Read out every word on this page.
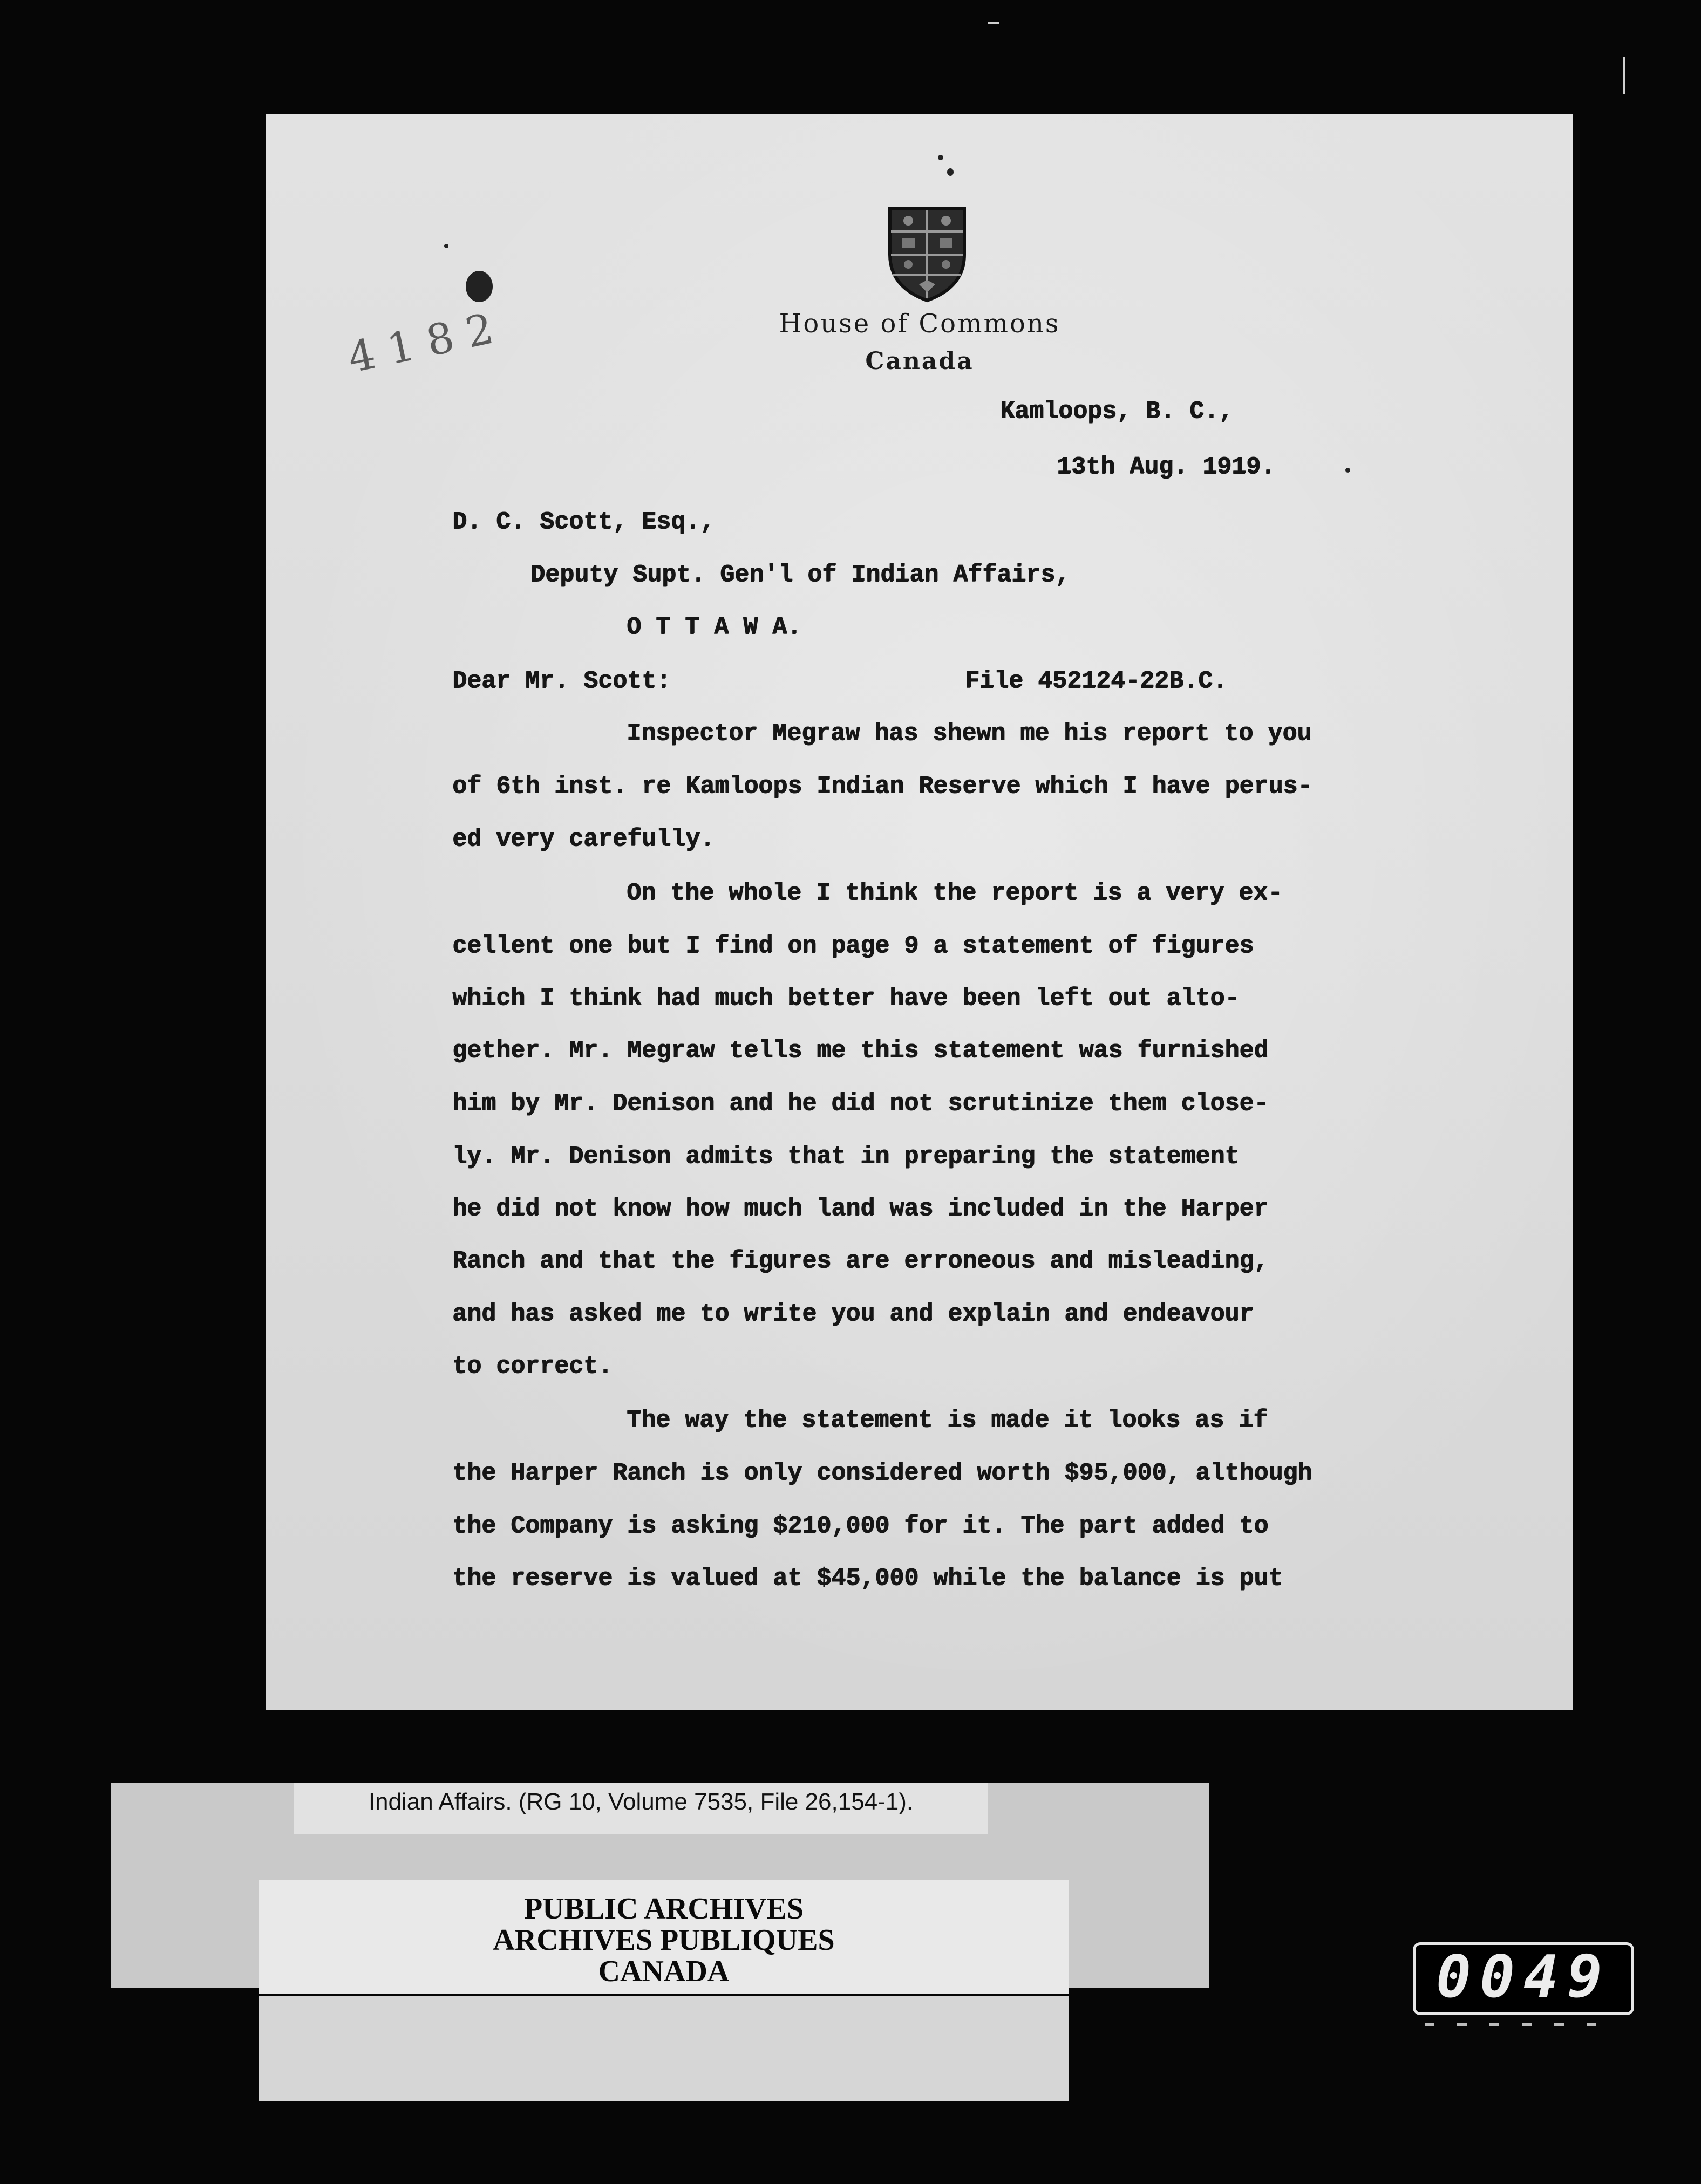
House of Commons
Canada
4 1 8 2
Kamloops, B. C.,
13th Aug. 1919.
D. C. Scott, Esq.,
Deputy Supt. Gen'l of Indian Affairs,
O T T A W A.
Dear Mr. Scott:	File 452124-22B.C.
Inspector Megraw has shewn me his report to you
of 6th inst. re Kamloops Indian Reserve which I have perus-
ed very carefully.
On the whole I think the report is a very ex-
cellent one but I find on page 9 a statement of figures
which I think had much better have been left out alto-
gether. Mr. Megraw tells me this statement was furnished
him by Mr. Denison and he did not scrutinize them close-
ly. Mr. Denison admits that in preparing the statement
he did not know how much land was included in the Harper
Ranch and that the figures are erroneous and misleading,
and has asked me to write you and explain and endeavour
to correct.
The way the statement is made it looks as if
the Harper Ranch is only considered worth $95,000, although
the Company is asking $210,000 for it. The part added to
the reserve is valued at $45,000 while the balance is put
Indian Affairs. (RG 10, Volume 7535, File 26,154-1).
PUBLIC ARCHIVES
ARCHIVES PUBLIQUES
CANADA	0049
